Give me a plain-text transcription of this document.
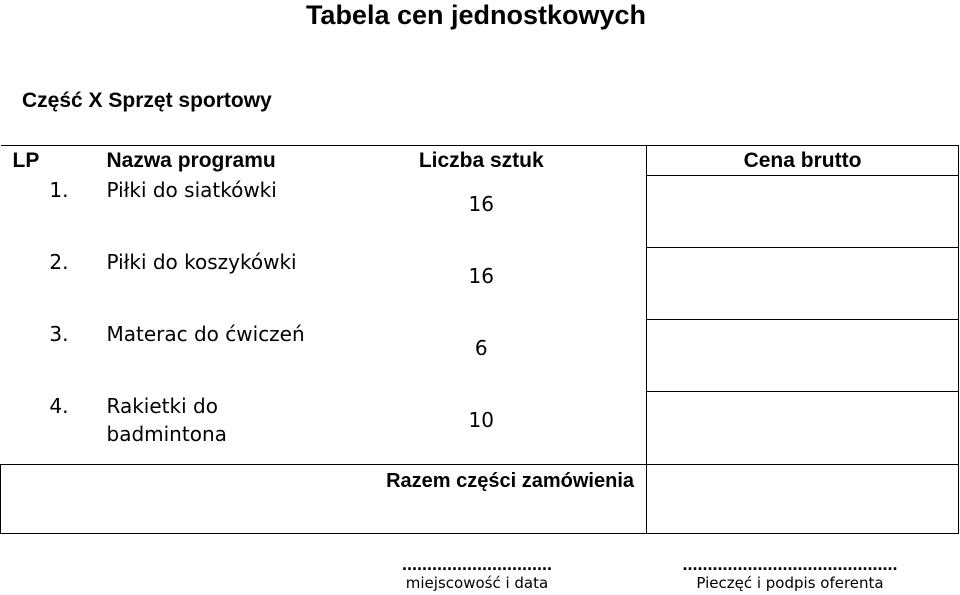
Tabela cen jednostkowych
Część X Sprzęt sportowy
LP	Nazwa programu	Liczba sztuk	Cena brutto
1.	Piłki do siatkówki	16	
2.	Piłki do koszykówki	16	
3.	Materac do ćwiczeń	6	
4.	Rakietki do badmintona	10	
Razem części zamówienia			
..............................
miejscowość i data
...........................................
Pieczęć i podpis oferenta
